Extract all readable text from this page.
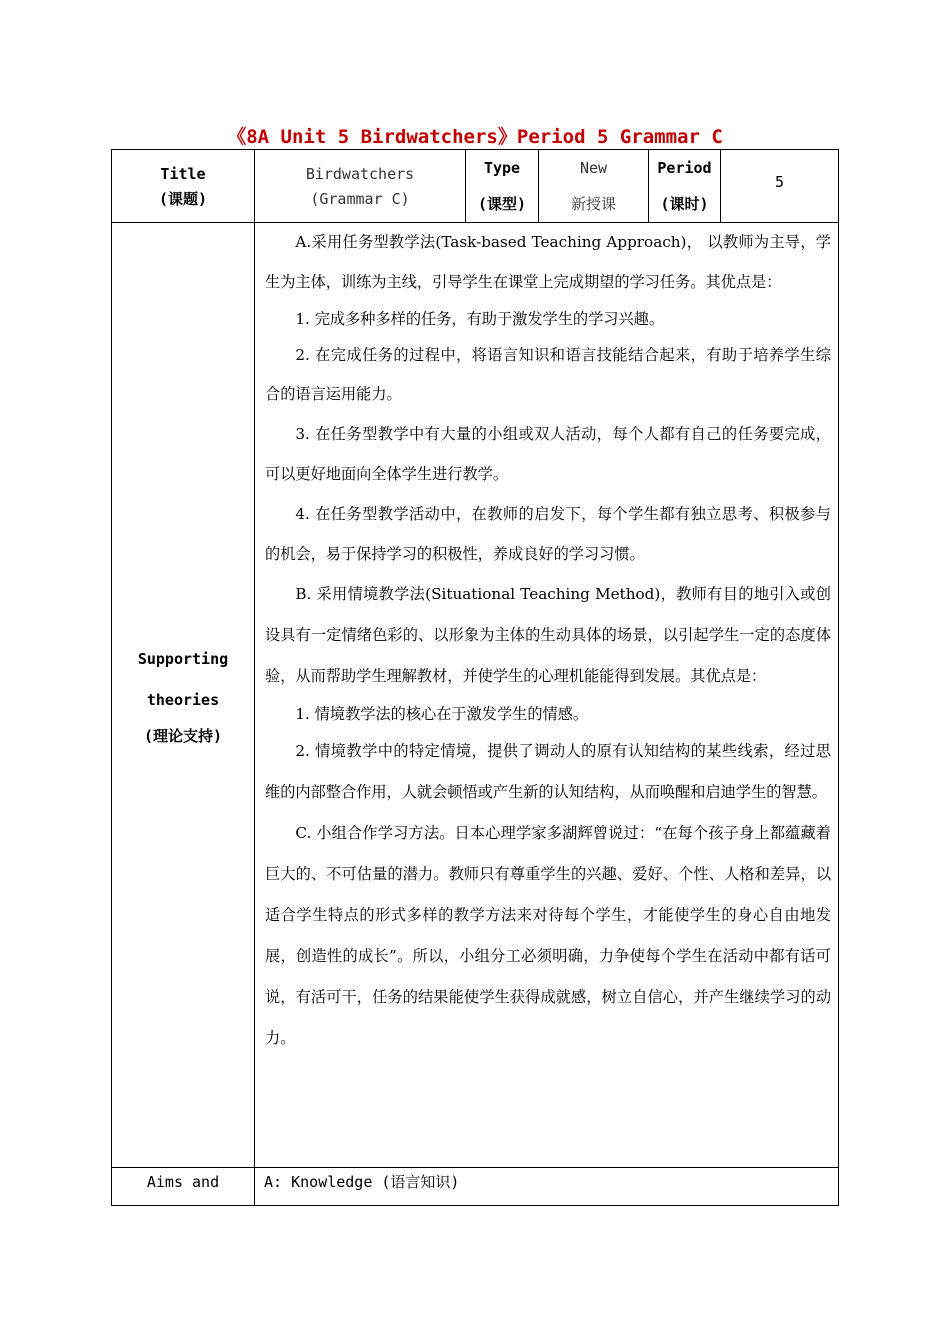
《8A Unit 5 Birdwatchers》Period 5 Grammar C
Title
(课题)
Birdwatchers
(Grammar C)
Type
(课型)
New
新授课
Period
(课时)
5
Supporting
theories
(理论支持)

A.采用任务型教学法(Task-based Teaching Approach)， 以教师为主导，学生为主体，训练为主线，引导学生在课堂上完成期望的学习任务。其优点是：

1. 完成多种多样的任务，有助于激发学生的学习兴趣。

2. 在完成任务的过程中，将语言知识和语言技能结合起来，有助于培养学生综合的语言运用能力。

3. 在任务型教学中有大量的小组或双人活动，每个人都有自己的任务要完成，可以更好地面向全体学生进行教学。

4. 在任务型教学活动中，在教师的启发下，每个学生都有独立思考、积极参与的机会，易于保持学习的积极性，养成良好的学习习惯。

B. 采用情境教学法(Situational Teaching Method)，教师有目的地引入或创设具有一定情绪色彩的、以形象为主体的生动具体的场景，以引起学生一定的态度体验，从而帮助学生理解教材，并使学生的心理机能能得到发展。其优点是：

1. 情境教学法的核心在于激发学生的情感。

2. 情境教学中的特定情境，提供了调动人的原有认知结构的某些线索，经过思维的内部整合作用，人就会顿悟或产生新的认知结构，从而唤醒和启迪学生的智慧。

C. 小组合作学习方法。日本心理学家多湖辉曾说过：“在每个孩子身上都蕴藏着巨大的、不可估量的潜力。教师只有尊重学生的兴趣、爱好、个性、人格和差异，以适合学生特点的形式多样的教学方法来对待每个学生，才能使学生的身心自由地发展，创造性的成长”。所以，小组分工必须明确，力争使每个学生在活动中都有话可说，有活可干，任务的结果能使学生获得成就感，树立自信心，并产生继续学习的动力。

Aims and	A: Knowledge (语言知识)
